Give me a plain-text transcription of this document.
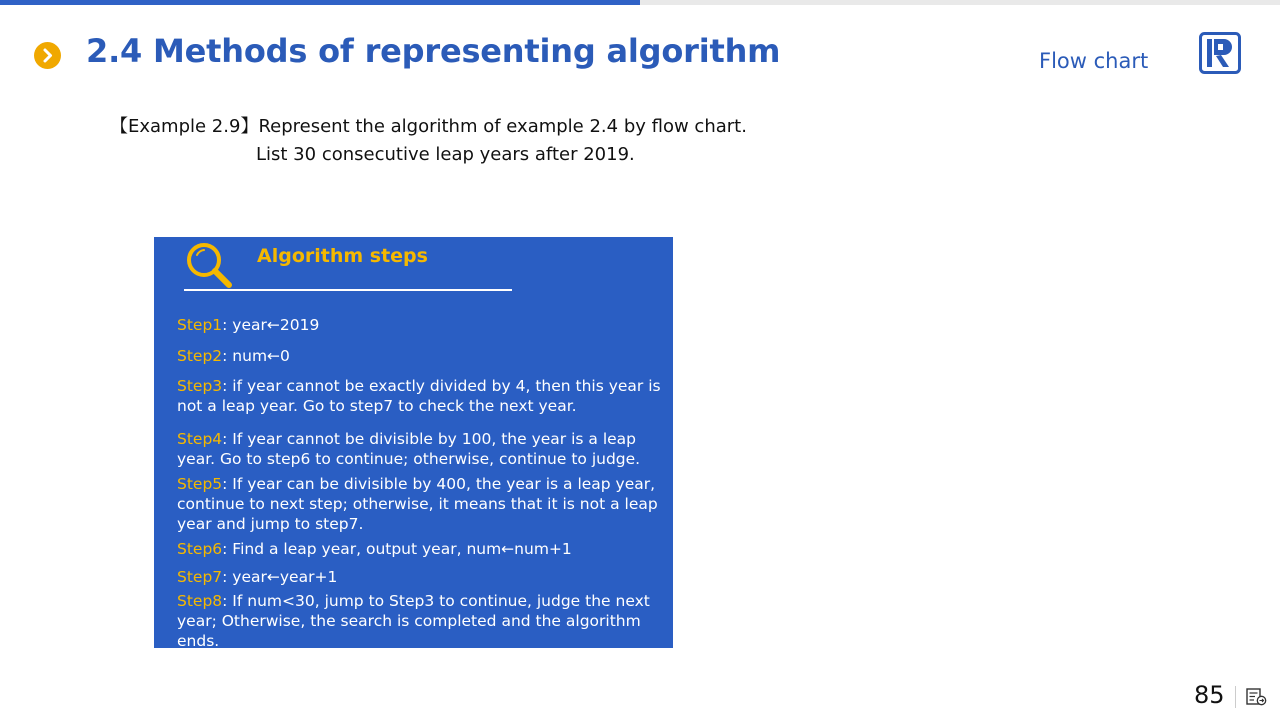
2.4 Methods of representing algorithm	Flow chart
【Example 2.9】Represent the algorithm of example 2.4 by flow chart.
List 30 consecutive leap years after 2019.
Algorithm steps
Step1: year←2019
Step2: num←0
Step3: if year cannot be exactly divided by 4, then this year is not a leap year. Go to step7 to check the next year.
Step4: If year cannot be divisible by 100, the year is a leap year. Go to step6 to continue; otherwise, continue to judge.
Step5: If year can be divisible by 400, the year is a leap year, continue to next step; otherwise, it means that it is not a leap year and jump to step7.
Step6: Find a leap year, output year, num←num+1
Step7: year←year+1
Step8: If num<30, jump to Step3 to continue, judge the next year; Otherwise, the search is completed and the algorithm ends.
85
